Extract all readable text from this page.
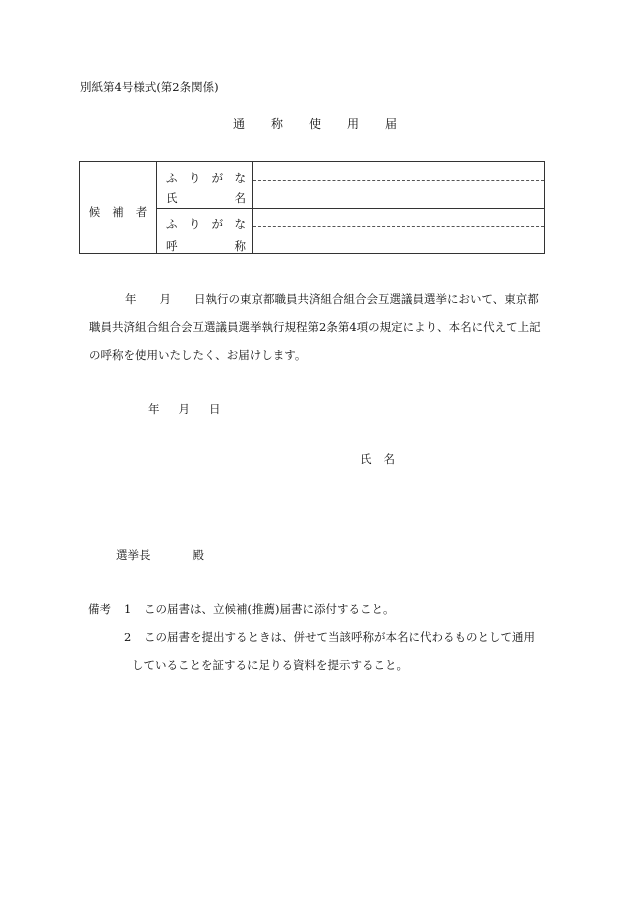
別紙第4号様式(第2条関係)
通 称 使 用 届
候 補 者
ふ り が な
氏	名
ふ り が な
呼	称
年　　月　　日執行の東京都職員共済組合組合会互選議員選挙において、東京都
職員共済組合組合会互選議員選挙執行規程第2条第4項の規定により、本名に代えて上記
の呼称を使用いたしたく、お届けします。
年 月 日
氏 名
選挙長	殿
備考 1 この届書は、立候補(推薦)届書に添付すること。
2 この届書を提出するときは、併せて当該呼称が本名に代わるものとして通用
していることを証するに足りる資料を提示すること。
